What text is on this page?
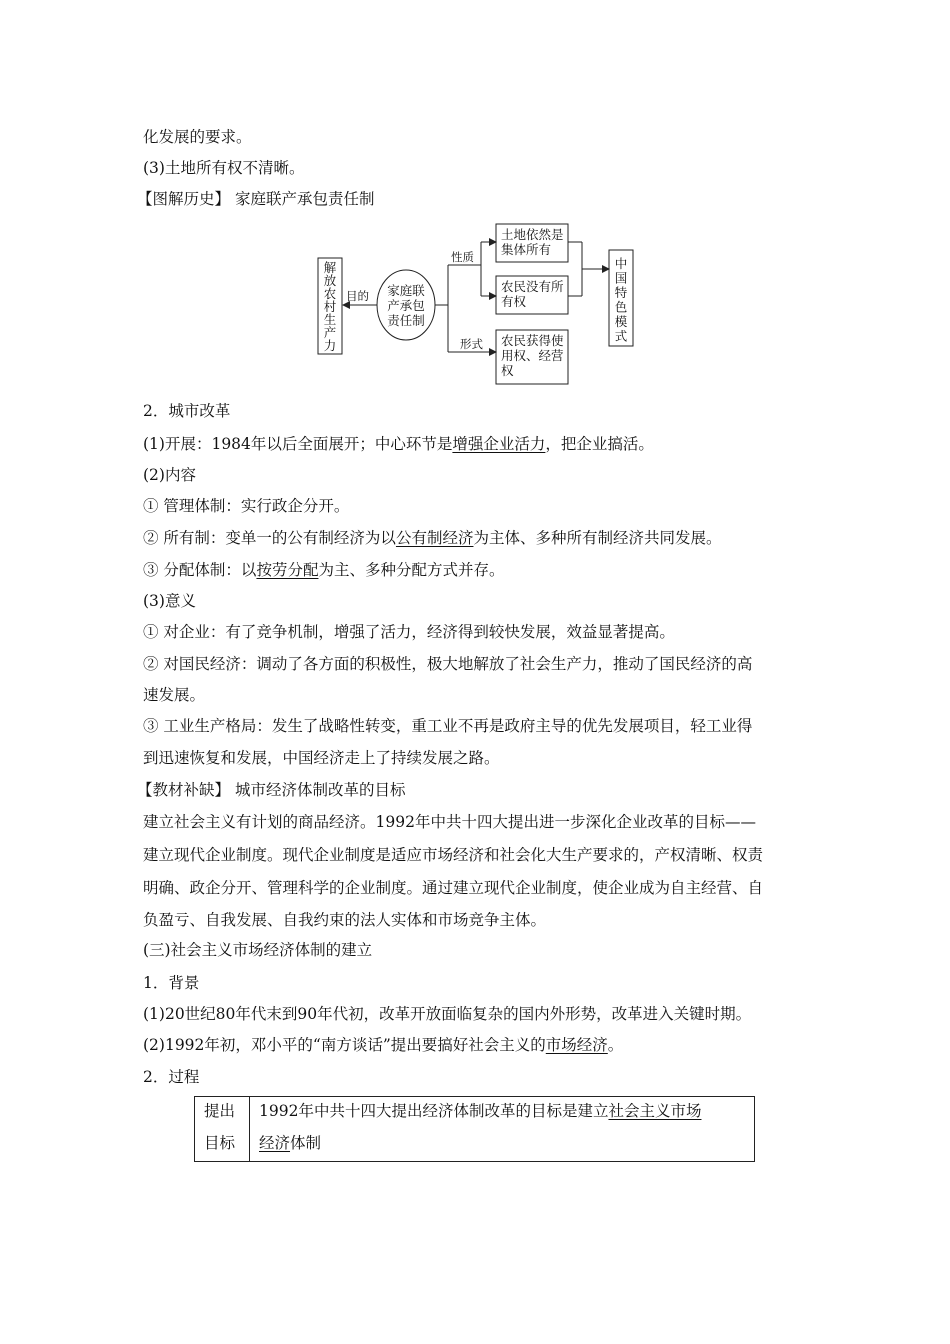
化发展的要求。
(3)土地所有权不清晰。
【图解历史】 家庭联产承包责任制
解
放
农
村
生
产
力
目的 家庭联
产承包
责任制
性质
形式
土地依然是
集体所有
农民没有所
有权
农民获得使
用权、经营
权
中
国
特
色
模
式
2．城市改革
(1)开展：1984年以后全面展开；中心环节是增强企业活力，把企业搞活。
(2)内容
① 管理体制：实行政企分开。
② 所有制：变单一的公有制经济为以公有制经济为主体、多种所有制经济共同发展。
③ 分配体制：以按劳分配为主、多种分配方式并存。
(3)意义
① 对企业：有了竞争机制，增强了活力，经济得到较快发展，效益显著提高。
② 对国民经济：调动了各方面的积极性，极大地解放了社会生产力，推动了国民经济的高
速发展。
③ 工业生产格局：发生了战略性转变，重工业不再是政府主导的优先发展项目，轻工业得
到迅速恢复和发展，中国经济走上了持续发展之路。
【教材补缺】 城市经济体制改革的目标
建立社会主义有计划的商品经济。1992年中共十四大提出进一步深化企业改革的目标——
建立现代企业制度。现代企业制度是适应市场经济和社会化大生产要求的，产权清晰、权责
明确、政企分开、管理科学的企业制度。通过建立现代企业制度，使企业成为自主经营、自
负盈亏、自我发展、自我约束的法人实体和市场竞争主体。
(三)社会主义市场经济体制的建立
1．背景
(1)20世纪80年代末到90年代初，改革开放面临复杂的国内外形势，改革进入关键时期。
(2)1992年初，邓小平的“南方谈话”提出要搞好社会主义的市场经济。
2．过程
提出
目标
1992年中共十四大提出经济体制改革的目标是建立社会主义市场
经济体制
